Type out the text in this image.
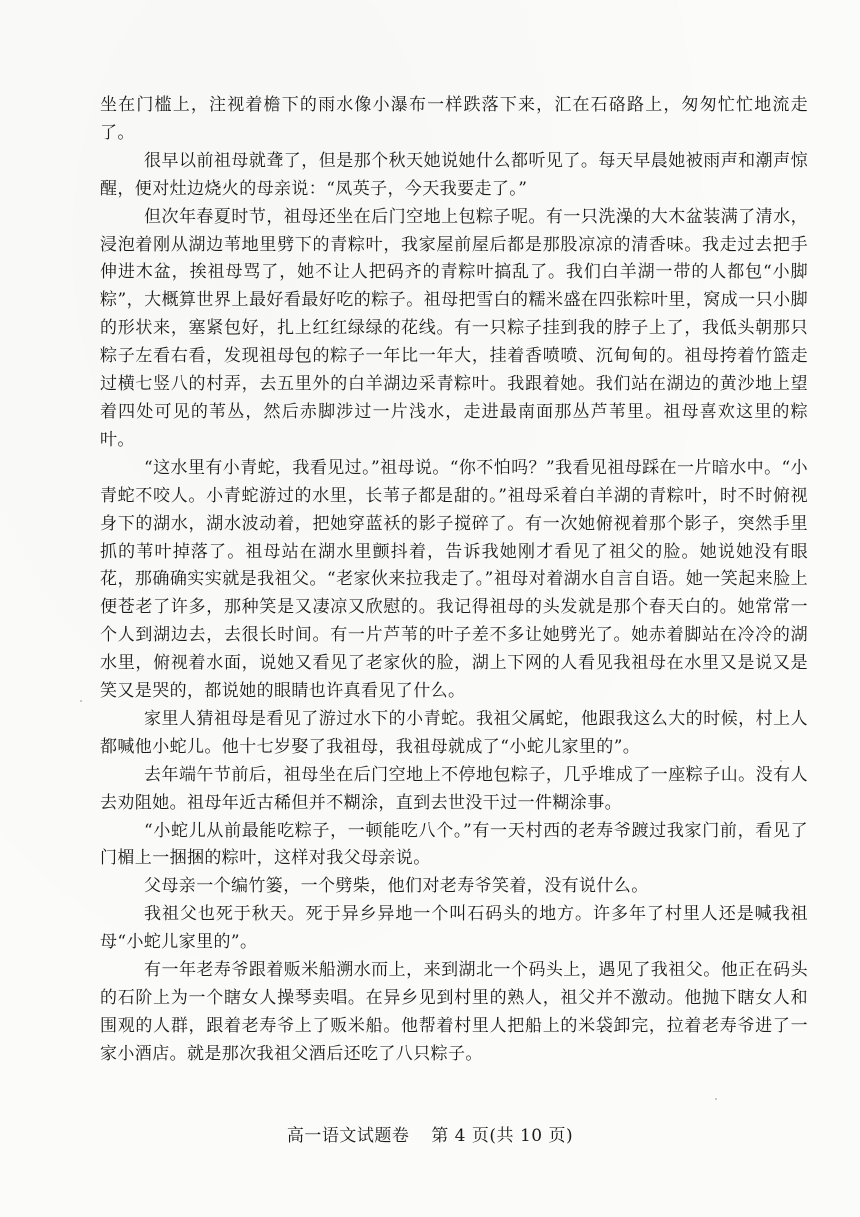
坐在门槛上，注视着檐下的雨水像小瀑布一样跌落下来，汇在石硌路上，匆匆忙忙地流走了。

很早以前祖母就聋了，但是那个秋天她说她什么都听见了。每天早晨她被雨声和潮声惊醒，便对灶边烧火的母亲说：“凤英子，今天我要走了。”

但次年春夏时节，祖母还坐在后门空地上包粽子呢。有一只洗澡的大木盆装满了清水，浸泡着刚从湖边苇地里劈下的青粽叶，我家屋前屋后都是那股凉凉的清香味。我走过去把手伸进木盆，挨祖母骂了，她不让人把码齐的青粽叶搞乱了。我们白羊湖一带的人都包“小脚粽”，大概算世界上最好看最好吃的粽子。祖母把雪白的糯米盛在四张粽叶里，窝成一只小脚的形状来，塞紧包好，扎上红红绿绿的花线。有一只粽子挂到我的脖子上了，我低头朝那只粽子左看右看，发现祖母包的粽子一年比一年大，挂着香喷喷、沉甸甸的。祖母挎着竹篮走过横七竖八的村弄，去五里外的白羊湖边采青粽叶。我跟着她。我们站在湖边的黄沙地上望着四处可见的苇丛，然后赤脚涉过一片浅水，走进最南面那丛芦苇里。祖母喜欢这里的粽叶。

“这水里有小青蛇，我看见过。”祖母说。“你不怕吗？”我看见祖母踩在一片暗水中。“小青蛇不咬人。小青蛇游过的水里，长苇子都是甜的。”祖母采着白羊湖的青粽叶，时不时俯视身下的湖水，湖水波动着，把她穿蓝袄的影子搅碎了。有一次她俯视着那个影子，突然手里抓的苇叶掉落了。祖母站在湖水里颤抖着，告诉我她刚才看见了祖父的脸。她说她没有眼花，那确确实实就是我祖父。“老家伙来拉我走了。”祖母对着湖水自言自语。她一笑起来脸上便苍老了许多，那种笑是又凄凉又欣慰的。我记得祖母的头发就是那个春天白的。她常常一个人到湖边去，去很长时间。有一片芦苇的叶子差不多让她劈光了。她赤着脚站在冷冷的湖水里，俯视着水面，说她又看见了老家伙的脸，湖上下网的人看见我祖母在水里又是说又是笑又是哭的，都说她的眼睛也许真看见了什么。

家里人猜祖母是看见了游过水下的小青蛇。我祖父属蛇，他跟我这么大的时候，村上人都喊他小蛇儿。他十七岁娶了我祖母，我祖母就成了“小蛇儿家里的”。

去年端午节前后，祖母坐在后门空地上不停地包粽子，几乎堆成了一座粽子山。没有人去劝阻她。祖母年近古稀但并不糊涂，直到去世没干过一件糊涂事。

“小蛇儿从前最能吃粽子，一顿能吃八个。”有一天村西的老寿爷踱过我家门前，看见了门楣上一捆捆的粽叶，这样对我父母亲说。

父母亲一个编竹篓，一个劈柴，他们对老寿爷笑着，没有说什么。

我祖父也死于秋天。死于异乡异地一个叫石码头的地方。许多年了村里人还是喊我祖母“小蛇儿家里的”。

有一年老寿爷跟着贩米船溯水而上，来到湖北一个码头上，遇见了我祖父。他正在码头的石阶上为一个瞎女人操琴卖唱。在异乡见到村里的熟人，祖父并不激动。他抛下瞎女人和围观的人群，跟着老寿爷上了贩米船。他帮着村里人把船上的米袋卸完，拉着老寿爷进了一家小酒店。就是那次我祖父酒后还吃了八只粽子。

高一语文试题卷 第 4 页(共 10 页)
